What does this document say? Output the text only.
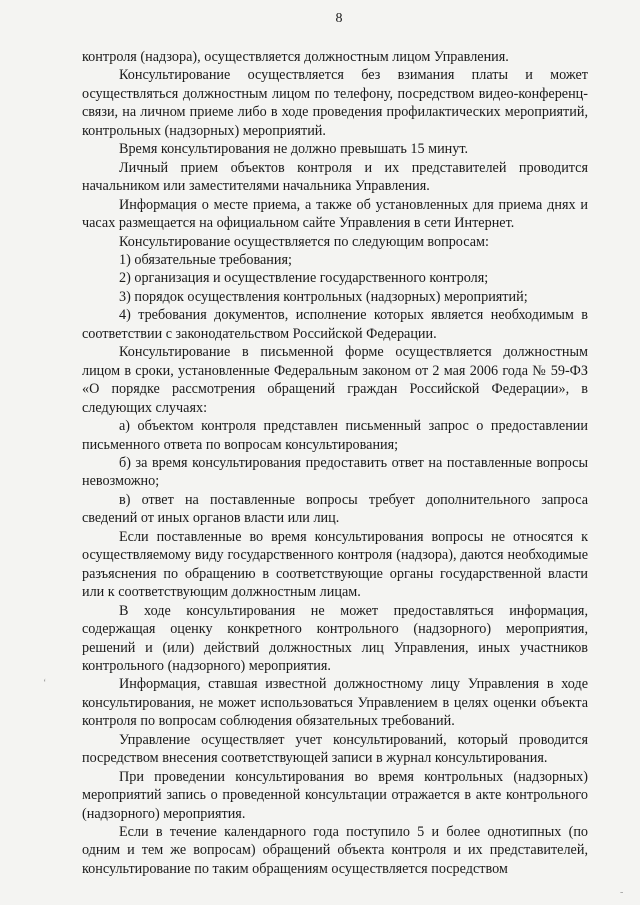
8

контроля (надзора), осуществляется должностным лицом Управления.

Консультирование осуществляется без взимания платы и может осуществляться должностным лицом по телефону, посредством видео-конференц-связи, на личном приеме либо в ходе проведения профилактических мероприятий, контрольных (надзорных) мероприятий.

Время консультирования не должно превышать 15 минут.

Личный прием объектов контроля и их представителей проводится начальником или заместителями начальника Управления.

Информация о месте приема, а также об установленных для приема днях и часах размещается на официальном сайте Управления в сети Интернет.

Консультирование осуществляется по следующим вопросам:

1) обязательные требования;

2) организация и осуществление государственного контроля;

3) порядок осуществления контрольных (надзорных) мероприятий;

4) требования документов, исполнение которых является необходимым в соответствии с законодательством Российской Федерации.

Консультирование в письменной форме осуществляется должностным лицом в сроки, установленные Федеральным законом от 2 мая 2006 года № 59-ФЗ «О порядке рассмотрения обращений граждан Российской Федерации», в следующих случаях:

а) объектом контроля представлен письменный запрос о предоставлении письменного ответа по вопросам консультирования;

б) за время консультирования предоставить ответ на поставленные вопросы невозможно;

в) ответ на поставленные вопросы требует дополнительного запроса сведений от иных органов власти или лиц.

Если поставленные во время консультирования вопросы не относятся к осуществляемому виду государственного контроля (надзора), даются необходимые разъяснения по обращению в соответствующие органы государственной власти или к соответствующим должностным лицам.

В ходе консультирования не может предоставляться информация, содержащая оценку конкретного контрольного (надзорного) мероприятия, решений и (или) действий должностных лиц Управления, иных участников контрольного (надзорного) мероприятия.

Информация, ставшая известной должностному лицу Управления в ходе консультирования, не может использоваться Управлением в целях оценки объекта контроля по вопросам соблюдения обязательных требований.

Управление осуществляет учет консультирований, который проводится посредством внесения соответствующей записи в журнал консультирования.

При проведении консультирования во время контрольных (надзорных) мероприятий запись о проведенной консультации отражается в акте контрольного (надзорного) мероприятия.

Если в течение календарного года поступило 5 и более однотипных (по одним и тем же вопросам) обращений объекта контроля и их представителей, консультирование по таким обращениям осуществляется посредством

ʻ
-
